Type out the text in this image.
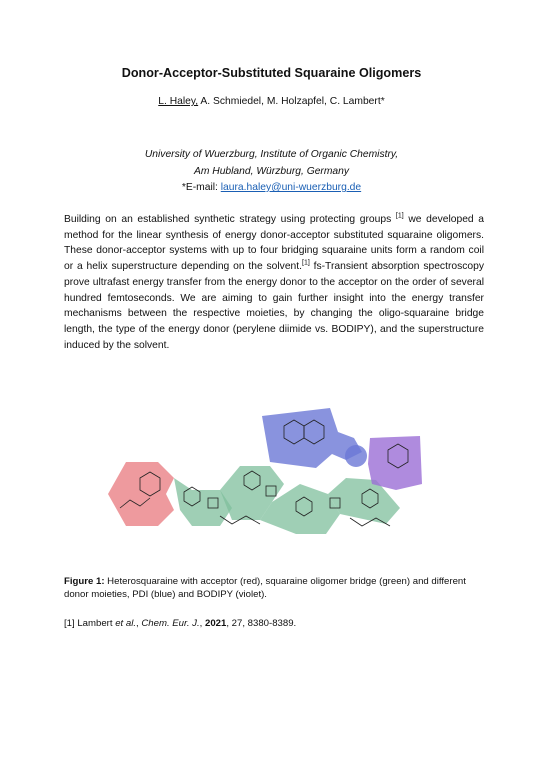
Donor-Acceptor-Substituted Squaraine Oligomers
L. Haley, A. Schmiedel, M. Holzapfel, C. Lambert*
University of Wuerzburg, Institute of Organic Chemistry,
Am Hubland, Würzburg, Germany
*E-mail: laura.haley@uni-wuerzburg.de
Building on an established synthetic strategy using protecting groups [1] we developed a method for the linear synthesis of energy donor-acceptor substituted squaraine oligomers. These donor-acceptor systems with up to four bridging squaraine units form a random coil or a helix superstructure depending on the solvent.[1] fs-Transient absorption spectroscopy prove ultrafast energy transfer from the energy donor to the acceptor on the order of several hundred femtoseconds. We are aiming to gain further insight into the energy transfer mechanisms between the respective moieties, by changing the oligo-squaraine bridge length, the type of the energy donor (perylene diimide vs. BODIPY), and the superstructure induced by the solvent.
Figure 1: Heterosquaraine with acceptor (red), squaraine oligomer bridge (green) and different donor moieties, PDI (blue) and BODIPY (violet).
[1] Lambert et al., Chem. Eur. J., 2021, 27, 8380-8389.
